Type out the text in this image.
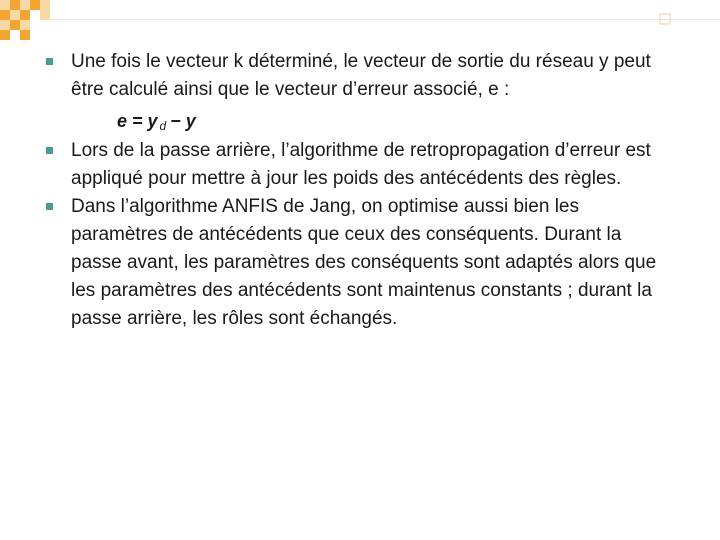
Une fois le vecteur k déterminé, le vecteur de sortie du réseau y peut être calculé ainsi que le vecteur d’erreur associé, e :
e = y $_d$ − y
Lors de la passe arrière, l’algorithme de retropropagation d’erreur est appliqué pour mettre à jour les poids des antécédents des règles.
Dans l’algorithme ANFIS de Jang, on optimise aussi bien les paramètres de antécédents que ceux des conséquents. Durant la passe avant, les paramètres des conséquents sont adaptés alors que les paramètres des antécédents sont maintenus constants ; durant la passe arrière, les rôles sont échangés.
